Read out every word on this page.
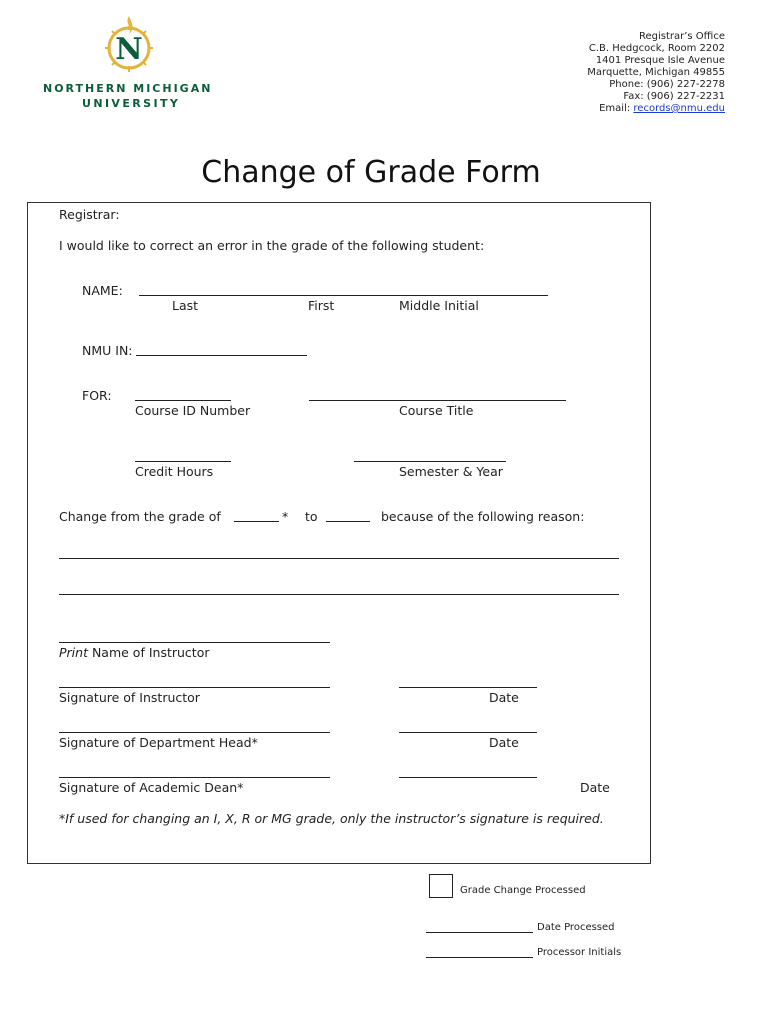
N
NORTHERN MICHIGAN
UNIVERSITY
Registrar’s Office
C.B. Hedgcock, Room 2202
1401 Presque Isle Avenue
Marquette, Michigan 49855
Phone: (906) 227-2278
Fax: (906) 227-2231
Email: records@nmu.edu
Change of Grade Form
Registrar:
I would like to correct an error in the grade of the following student:
NAME:
Last	First	Middle Initial
NMU IN:
FOR:
Course ID Number	Course Title
Credit Hours	Semester & Year
Change from the grade of	* to	because of the following reason:
Print Name of Instructor
Signature of Instructor	Date
Signature of Department Head*	Date
Signature of Academic Dean*	Date
*If used for changing an I, X, R or MG grade, only the instructor’s signature is required.
Grade Change Processed
Date Processed
Processor Initials
